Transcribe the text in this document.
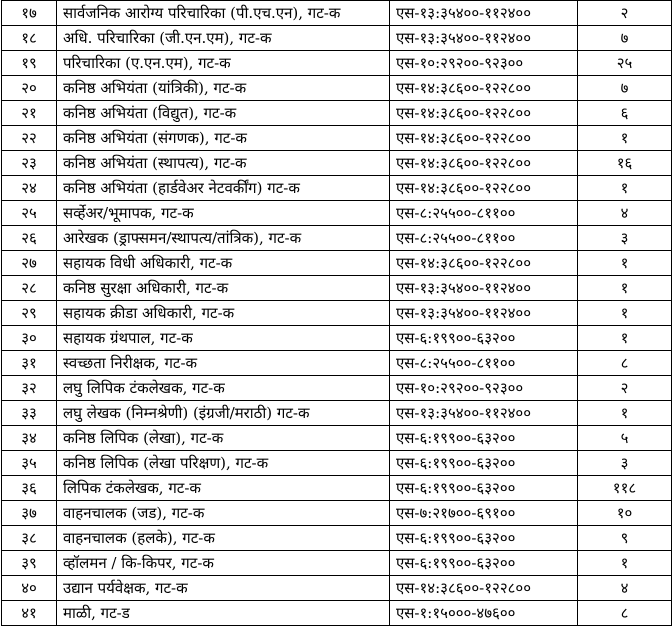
१७	सार्वजनिक आरोग्य परिचारिका (पी.एच.एन), गट-क	एस-१३:३५४००-११२४००	२
१८	अधि. परिचारिका (जी.एन.एम), गट-क	एस-१३:३५४००-११२४००	७
१९	परिचारिका (ए.एन.एम), गट-क	एस-१०:२९२००-९२३००	२५
२०	कनिष्ठ अभियंता (यांत्रिकी), गट-क	एस-१४:३८६००-१२२८००	७
२१	कनिष्ठ अभियंता (विद्युत), गट-क	एस-१४:३८६००-१२२८००	६
२२	कनिष्ठ अभियंता (संगणक), गट-क	एस-१४:३८६००-१२२८००	१
२३	कनिष्ठ अभियंता (स्थापत्य), गट-क	एस-१४:३८६००-१२२८००	१६
२४	कनिष्ठ अभियंता (हार्डवेअर नेटवर्कींग) गट-क	एस-१४:३८६००-१२२८००	१
२५	सर्व्हेअर/भूमापक, गट-क	एस-८:२५५००-८११००	४
२६	आरेखक (ड्राफ्समन/स्थापत्य/तांत्रिक), गट-क	एस-८:२५५००-८११००	३
२७	सहायक विधी अधिकारी, गट-क	एस-१४:३८६००-१२२८००	१
२८	कनिष्ठ सुरक्षा अधिकारी, गट-क	एस-१३:३५४००-११२४००	१
२९	सहायक क्रीडा अधिकारी, गट-क	एस-१३:३५४००-११२४००	१
३०	सहायक ग्रंथपाल, गट-क	एस-६:१९९००-६३२००	१
३१	स्वच्छता निरीक्षक, गट-क	एस-८:२५५००-८११००	८
३२	लघु लिपिक टंकलेखक, गट-क	एस-१०:२९२००-९२३००	२
३३	लघु लेखक (निम्नश्रेणी) (इंग्रजी/मराठी) गट-क	एस-१३:३५४००-११२४००	१
३४	कनिष्ठ लिपिक (लेखा), गट-क	एस-६:१९९००-६३२००	५
३५	कनिष्ठ लिपिक (लेखा परिक्षण), गट-क	एस-६:१९९००-६३२००	३
३६	लिपिक टंकलेखक, गट-क	एस-६:१९९००-६३२००	११८
३७	वाहनचालक (जड), गट-क	एस-७:२१७००-६९१००	१०
३८	वाहनचालक (हलके), गट-क	एस-६:१९९००-६३२००	९
३९	व्हॉलमन / कि-किपर, गट-क	एस-६:१९९००-६३२००	१
४०	उद्यान पर्यवेक्षक, गट-क	एस-१४:३८६००-१२२८००	४
४१	माळी, गट-ड	एस-१:१५०००-४७६००	८
